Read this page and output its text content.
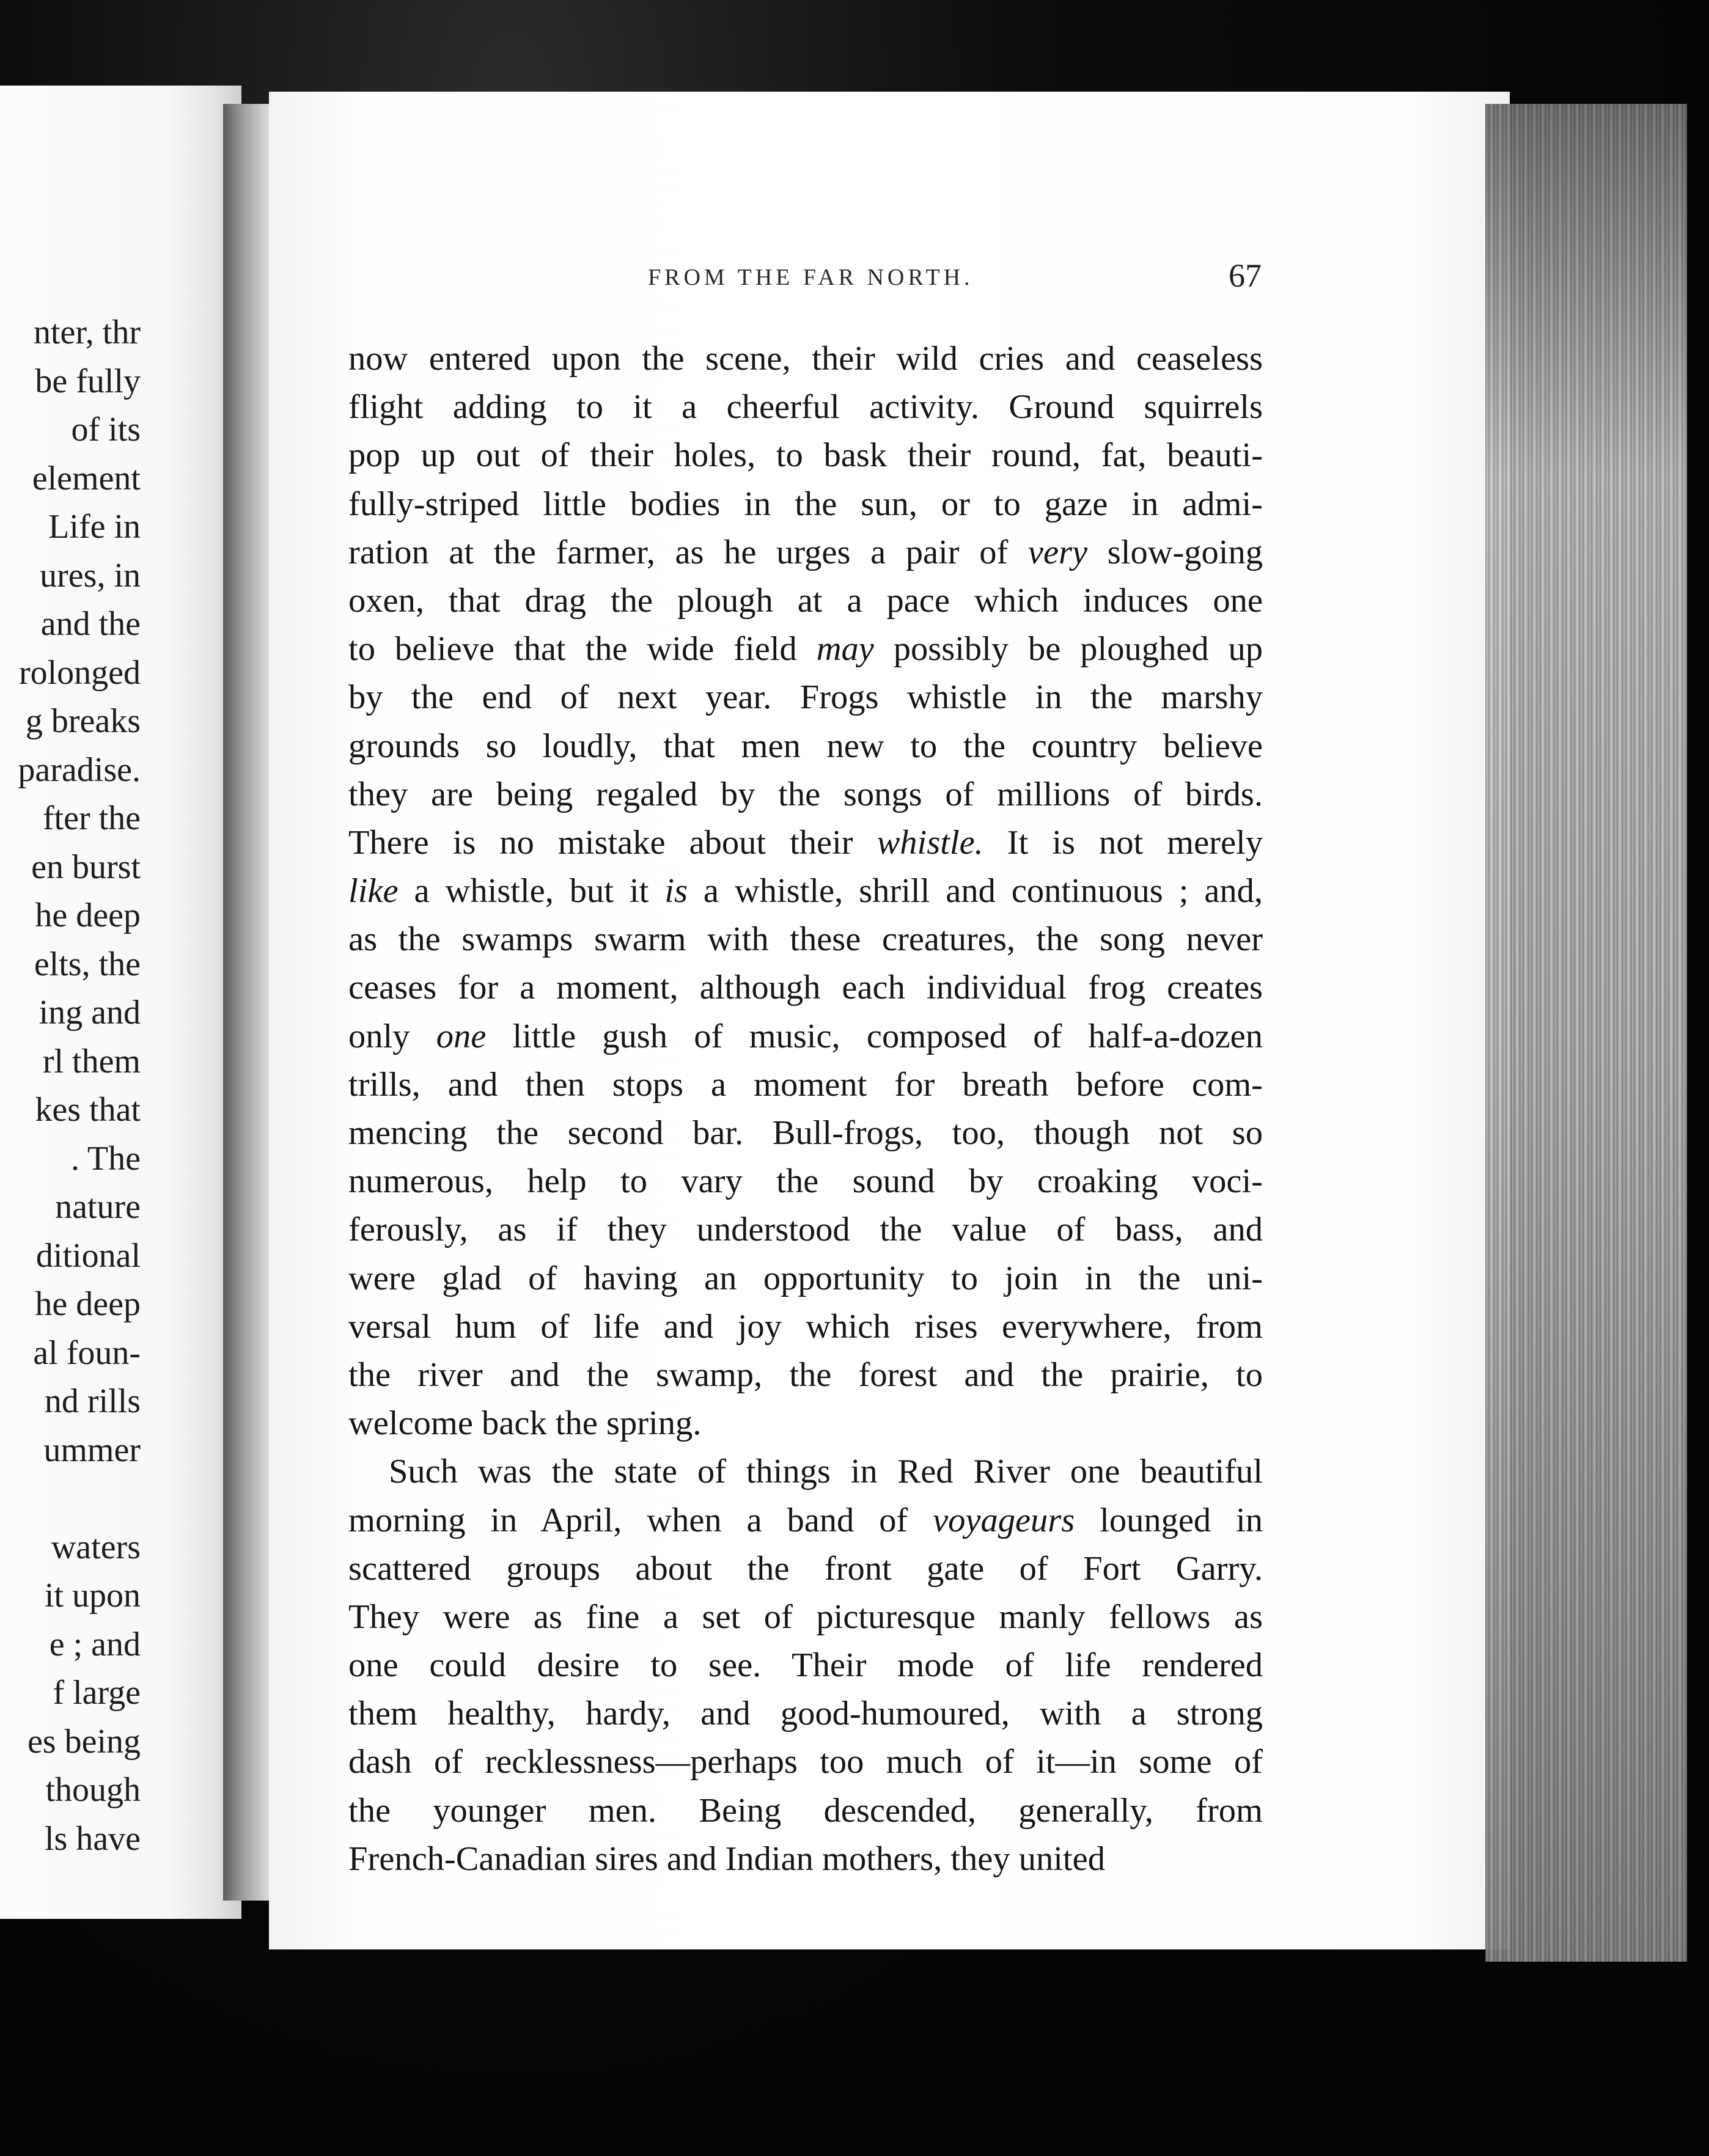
nter, thr
be fully
of its
element
Life in
ures, in
and the
rolonged
g breaks
paradise.
fter the
en burst
he deep
elts, the
ing and
rl them
kes that
. The
nature
ditional
he deep
al foun-
nd rills
ummer
waters
it upon
e ; and
f large
es being
though
ls have
FROM THE FAR NORTH.	67
now entered upon the scene, their wild cries and ceaseless
flight adding to it a cheerful activity. Ground squirrels
pop up out of their holes, to bask their round, fat, beauti-
fully-striped little bodies in the sun, or to gaze in admi-
ration at the farmer, as he urges a pair of very slow-going
oxen, that drag the plough at a pace which induces one
to believe that the wide field may possibly be ploughed up
by the end of next year. Frogs whistle in the marshy
grounds so loudly, that men new to the country believe
they are being regaled by the songs of millions of birds.
There is no mistake about their whistle. It is not merely
like a whistle, but it is a whistle, shrill and continuous ; and,
as the swamps swarm with these creatures, the song never
ceases for a moment, although each individual frog creates
only one little gush of music, composed of half-a-dozen
trills, and then stops a moment for breath before com-
mencing the second bar. Bull-frogs, too, though not so
numerous, help to vary the sound by croaking voci-
ferously, as if they understood the value of bass, and
were glad of having an opportunity to join in the uni-
versal hum of life and joy which rises everywhere, from
the river and the swamp, the forest and the prairie, to
welcome back the spring.
Such was the state of things in Red River one beautiful
morning in April, when a band of voyageurs lounged in
scattered groups about the front gate of Fort Garry.
They were as fine a set of picturesque manly fellows as
one could desire to see. Their mode of life rendered
them healthy, hardy, and good-humoured, with a strong
dash of recklessness—perhaps too much of it—in some of
the younger men. Being descended, generally, from
French-Canadian sires and Indian mothers, they united
